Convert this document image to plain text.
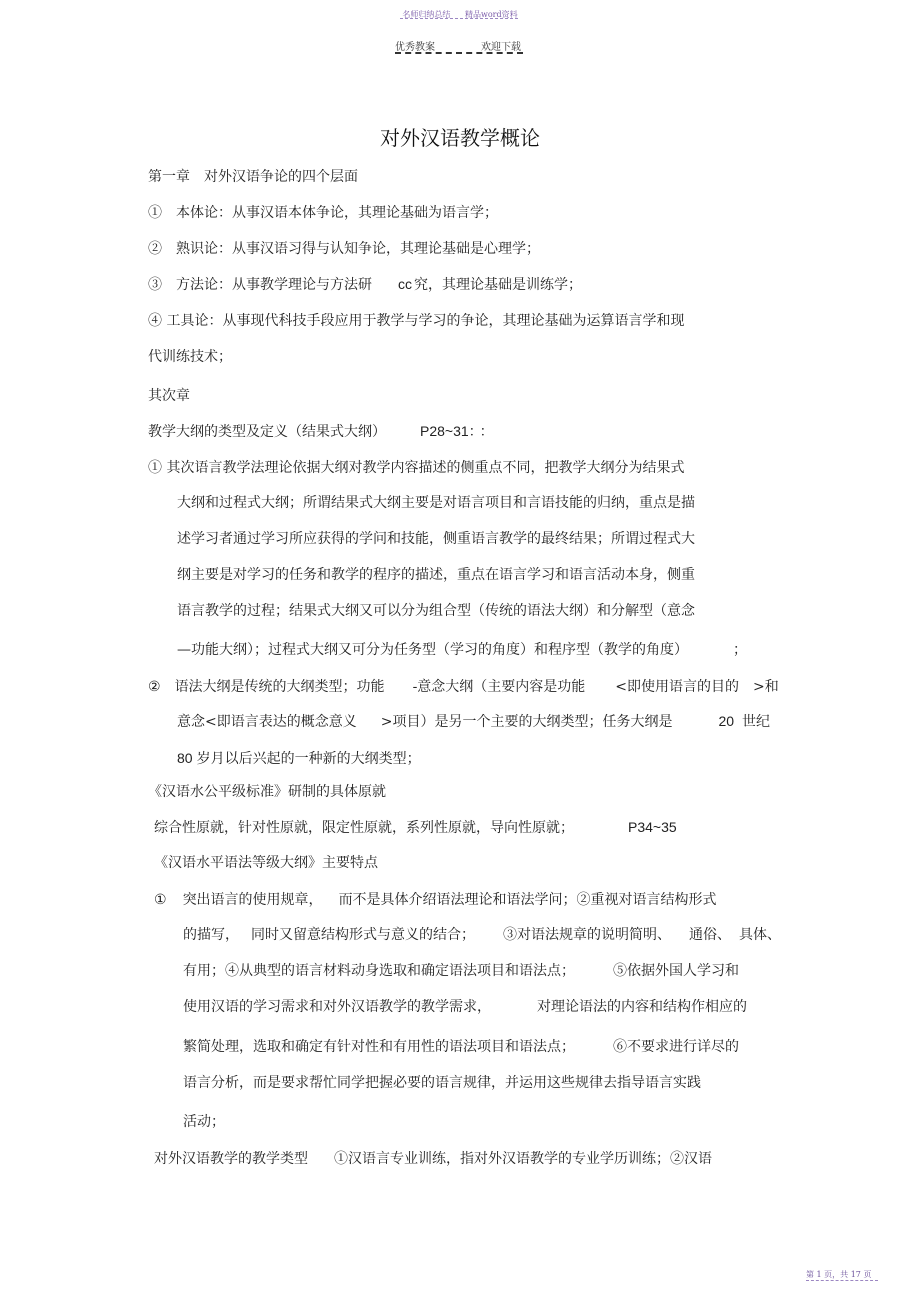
名师归纳总结 精品word资料
优秀教案	欢迎下载
对外汉语教学概论
第一章　对外汉语争论的四个层面
①　本体论：从事汉语本体争论，其理论基础为语言学；
②　熟识论：从事汉语习得与认知争论，其理论基础是心理学；
③　方法论：从事教学理论与方法研 cc 究，其理论基础是训练学；
④ 工具论：从事现代科技手段应用于教学与学习的争论，其理论基础为运算语言学和现
代训练技术；
其次章
教学大纲的类型及定义（结果式大纲） P28~31： ：
① 其次语言教学法理论依据大纲对教学内容描述的侧重点不同，把教学大纲分为结果式
大纲和过程式大纲；所谓结果式大纲主要是对语言项目和言语技能的归纳，重点是描
述学习者通过学习所应获得的学问和技能，侧重语言教学的最终结果；所谓过程式大
纲主要是对学习的任务和教学的程序的描述，重点在语言学习和语言活动本身，侧重
语言教学的过程；结果式大纲又可以分为组合型（传统的语法大纲）和分解型（意念
—功能大纲）；过程式大纲又可分为任务型（学习的角度）和程序型（教学的角度）	；
② 语法大纲是传统的大纲类型；功能 -意念大纲（主要内容是功能 <即使用语言的目的 >和
意念<即语言表达的概念意义 >项目）是另一个主要的大纲类型；任务大纲是	20 世纪
80 岁月以后兴起的一种新的大纲类型；
《汉语水公平级标准》研制的具体原就
综合性原就，针对性原就，限定性原就，系列性原就，导向性原就；	P34~35
《汉语水平语法等级大纲》主要特点
① 突出语言的使用规章， 而不是具体介绍语法理论和语法学问；②重视对语言结构形式
的描写， 同时又留意结构形式与意义的结合； ③对语法规章的说明简明、 通俗、 具体、
有用；④从典型的语言材料动身选取和确定语法项目和语法点；	⑤依据外国人学习和
使用汉语的学习需求和对外汉语教学的教学需求，	对理论语法的内容和结构作相应的
繁简处理，选取和确定有针对性和有用性的语法项目和语法点；	⑥不要求进行详尽的
语言分析，而是要求帮忙同学把握必要的语言规律，并运用这些规律去指导语言实践
活动；
对外汉语教学的教学类型 ①汉语言专业训练，指对外汉语教学的专业学历训练；②汉语
第 1 页，共 17 页
